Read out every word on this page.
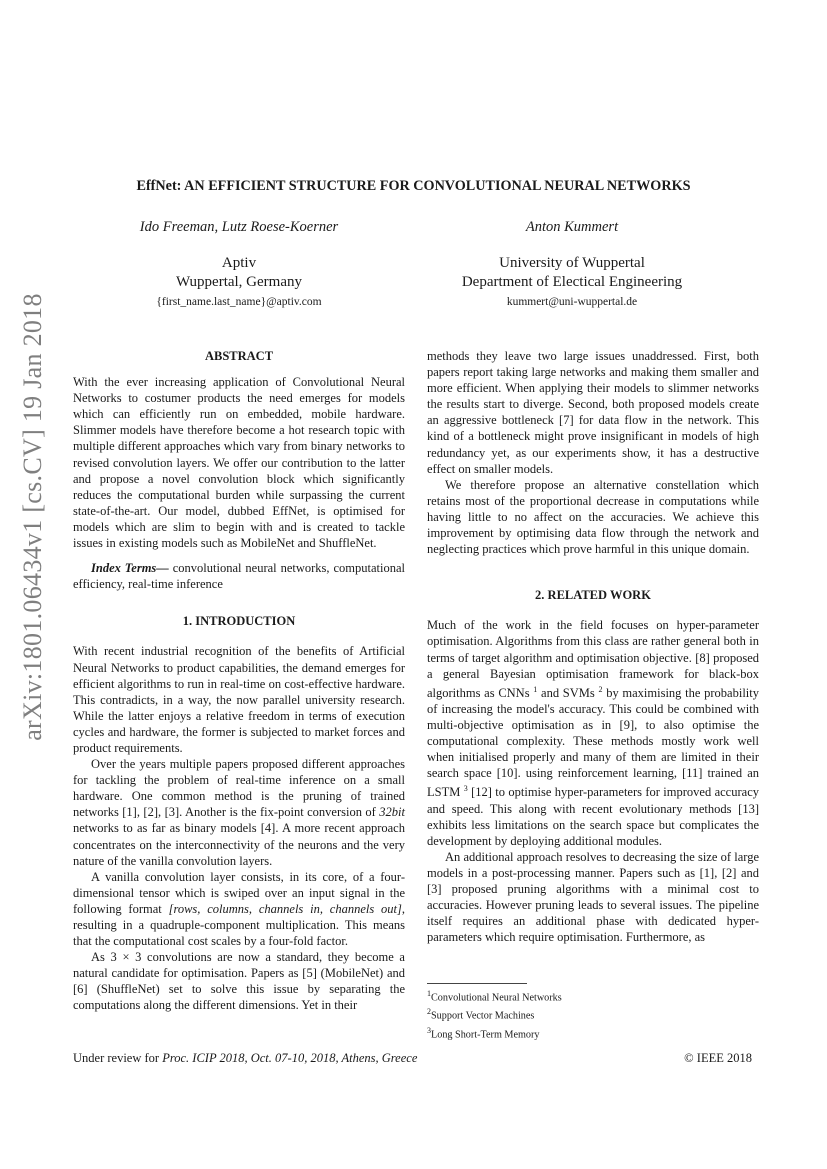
arXiv:1801.06434v1 [cs.CV] 19 Jan 2018
EffNet: AN EFFICIENT STRUCTURE FOR CONVOLUTIONAL NEURAL NETWORKS
Ido Freeman, Lutz Roese-Koerner
Aptiv
Wuppertal, Germany
{first_name.last_name}@aptiv.com
Anton Kummert
University of Wuppertal
Department of Electical Engineering
kummert@uni-wuppertal.de

ABSTRACT

With the ever increasing application of Convolutional Neural Networks to costumer products the need emerges for models which can efficiently run on embedded, mobile hardware. Slimmer models have therefore become a hot research topic with multiple different approaches which vary from binary networks to revised convolution layers. We offer our contribution to the latter and propose a novel convolution block which significantly reduces the computational burden while surpassing the current state-of-the-art. Our model, dubbed EffNet, is optimised for models which are slim to begin with and is created to tackle issues in existing models such as MobileNet and ShuffleNet.

Index Terms— convolutional neural networks, computational efficiency, real-time inference

1. INTRODUCTION

With recent industrial recognition of the benefits of Artificial Neural Networks to product capabilities, the demand emerges for efficient algorithms to run in real-time on cost-effective hardware. This contradicts, in a way, the now parallel university research. While the latter enjoys a relative freedom in terms of execution cycles and hardware, the former is subjected to market forces and product requirements.

Over the years multiple papers proposed different approaches for tackling the problem of real-time inference on a small hardware. One common method is the pruning of trained networks [1], [2], [3]. Another is the fix-point conversion of 32bit networks to as far as binary models [4]. A more recent approach concentrates on the interconnectivity of the neurons and the very nature of the vanilla convolution layers.

A vanilla convolution layer consists, in its core, of a four-dimensional tensor which is swiped over an input signal in the following format [rows, columns, channels in, channels out], resulting in a quadruple-component multiplication. This means that the computational cost scales by a four-fold factor.

As 3 × 3 convolutions are now a standard, they become a natural candidate for optimisation. Papers as [5] (MobileNet) and [6] (ShuffleNet) set to solve this issue by separating the computations along the different dimensions. Yet in their

methods they leave two large issues unaddressed. First, both papers report taking large networks and making them smaller and more efficient. When applying their models to slimmer networks the results start to diverge. Second, both proposed models create an aggressive bottleneck [7] for data flow in the network. This kind of a bottleneck might prove insignificant in models of high redundancy yet, as our experiments show, it has a destructive effect on smaller models.

We therefore propose an alternative constellation which retains most of the proportional decrease in computations while having little to no affect on the accuracies. We achieve this improvement by optimising data flow through the network and neglecting practices which prove harmful in this unique domain.

2. RELATED WORK

Much of the work in the field focuses on hyper-parameter optimisation. Algorithms from this class are rather general both in terms of target algorithm and optimisation objective. [8] proposed a general Bayesian optimisation framework for black-box algorithms as CNNs $^1$ and SVMs $^2$ by maximising the probability of increasing the model's accuracy. This could be combined with multi-objective optimisation as in [9], to also optimise the computational complexity. These methods mostly work well when initialised properly and many of them are limited in their search space [10]. using reinforcement learning, [11] trained an LSTM $^3$ [12] to optimise hyper-parameters for improved accuracy and speed. This along with recent evolutionary methods [13] exhibits less limitations on the search space but complicates the development by deploying additional modules.

An additional approach resolves to decreasing the size of large models in a post-processing manner. Papers such as [1], [2] and [3] proposed pruning algorithms with a minimal cost to accuracies. However pruning leads to several issues. The pipeline itself requires an additional phase with dedicated hyper-parameters which require optimisation. Furthermore, as

$^1$Convolutional Neural Networks
$^2$Support Vector Machines
$^3$Long Short-Term Memory
Under review for Proc. ICIP 2018, Oct. 07-10, 2018, Athens, Greece	© IEEE 2018
